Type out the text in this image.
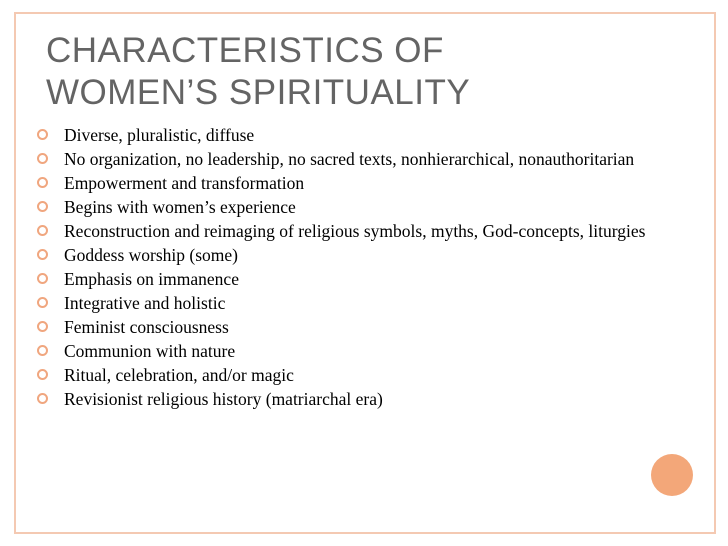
CHARACTERISTICS OF
WOMEN’S SPIRITUALITY
Diverse, pluralistic, diffuse
No organization, no leadership, no sacred texts, nonhierarchical, nonauthoritarian
Empowerment and transformation
Begins with women’s experience
Reconstruction and reimaging of religious symbols, myths, God-concepts, liturgies
Goddess worship (some)
Emphasis on immanence
Integrative and holistic
Feminist consciousness
Communion with nature
Ritual, celebration, and/or magic
Revisionist religious history (matriarchal era)
